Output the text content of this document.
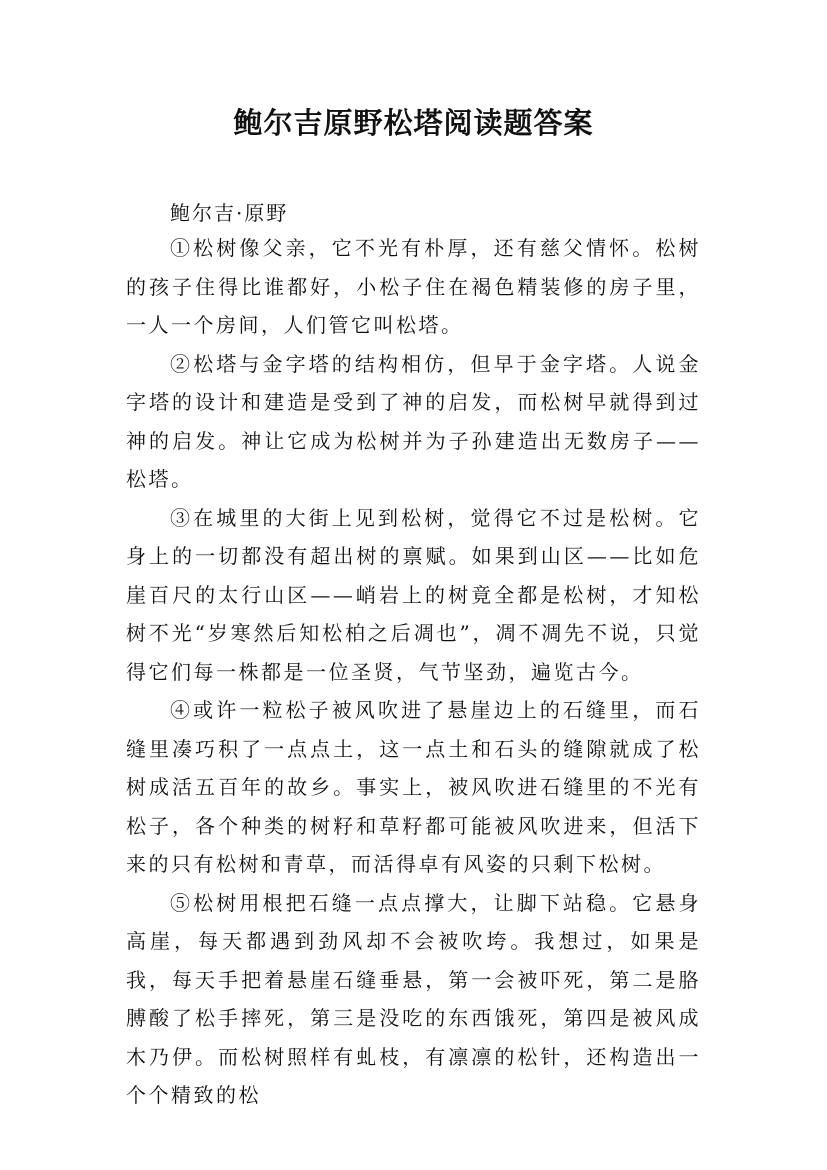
鲍尔吉原野松塔阅读题答案

鲍尔吉·原野

①松树像父亲，它不光有朴厚，还有慈父情怀。松树的孩子住得比谁都好，小松子住在褐色精装修的房子里，一人一个房间，人们管它叫松塔。

②松塔与金字塔的结构相仿，但早于金字塔。人说金字塔的设计和建造是受到了神的启发，而松树早就得到过神的启发。神让它成为松树并为子孙建造出无数房子——松塔。

③在城里的大街上见到松树，觉得它不过是松树。它身上的一切都没有超出树的禀赋。如果到山区——比如危崖百尺的太行山区——峭岩上的树竟全都是松树，才知松树不光“岁寒然后知松柏之后凋也”，凋不凋先不说，只觉得它们每一株都是一位圣贤，气节坚劲，遍览古今。

④或许一粒松子被风吹进了悬崖边上的石缝里，而石缝里凑巧积了一点点土，这一点土和石头的缝隙就成了松树成活五百年的故乡。事实上，被风吹进石缝里的不光有松子，各个种类的树籽和草籽都可能被风吹进来，但活下来的只有松树和青草，而活得卓有风姿的只剩下松树。

⑤松树用根把石缝一点点撑大，让脚下站稳。它悬身高崖，每天都遇到劲风却不会被吹垮。我想过，如果是我，每天手把着悬崖石缝垂悬，第一会被吓死，第二是胳膊酸了松手摔死，第三是没吃的东西饿死，第四是被风成木乃伊。而松树照样有虬枝，有凛凛的松针，还构造出一个个精致的松
